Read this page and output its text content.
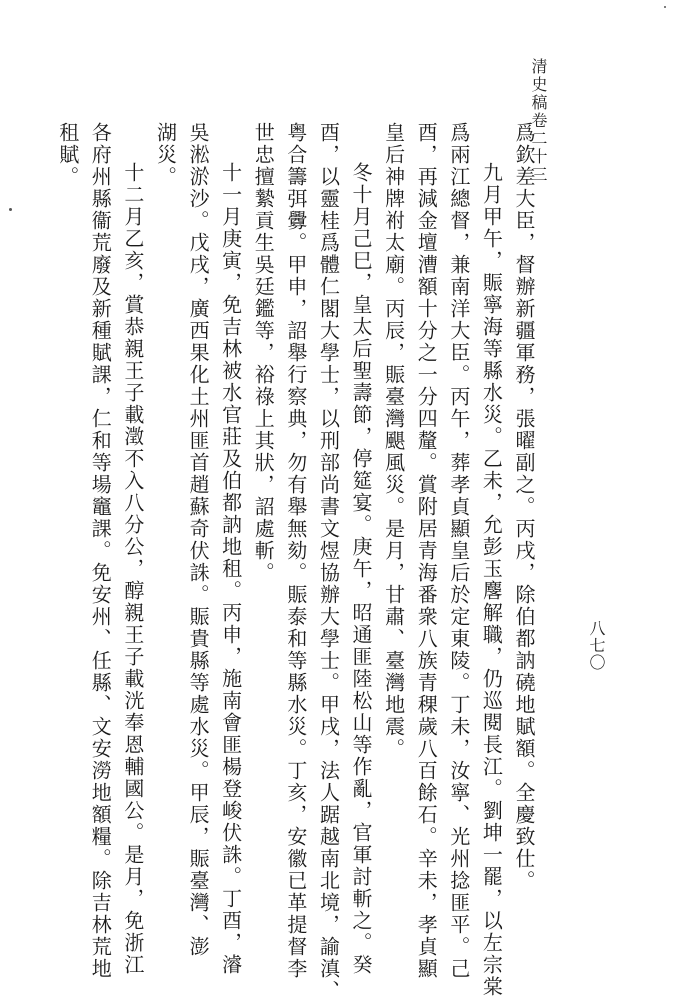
清史稿卷二十三
八七〇
爲欽差大臣，督辦新疆軍務，張曜副之。丙戌，除伯都訥磽地賦額。全慶致仕。
九月甲午，賑寧海等縣水災。乙未，允彭玉麐解職，仍巡閱長江。劉坤一罷，以左宗棠
爲兩江總督，兼南洋大臣。丙午，葬孝貞顯皇后於定東陵。丁未，汝寧、光州捻匪平。己
酉，再減金壇漕額十分之一分四釐。賞附居青海番衆八族青稞歲八百餘石。辛未，孝貞顯
皇后神牌祔太廟。丙辰，賑臺灣颶風災。是月，甘肅、臺灣地震。
冬十月己巳，皇太后聖壽節，停筵宴。庚午，昭通匪陸松山等作亂，官軍討斬之。癸
酉，以靈桂爲體仁閣大學士，以刑部尚書文煜協辦大學士。甲戌，法人踞越南北境，諭滇、
粤合籌弭釁。甲申，詔舉行察典，勿有舉無劾。賑泰和等縣水災。丁亥，安徽已革提督李
世忠擅縶貢生吳廷鑑等，裕祿上其狀，詔處斬。
十一月庚寅，免吉林被水官莊及伯都訥地租。丙申，施南會匪楊登峻伏誅。丁酉，濬
吳淞淤沙。戊戌，廣西果化土州匪首趙蘇奇伏誅。賑貴縣等處水災。甲辰，賑臺灣、澎
湖災。
十二月乙亥，賞恭親王子載澂不入八分公，醇親王子載洸奉恩輔國公。是月，免浙江
各府州縣衞荒廢及新種賦課，仁和等場竈課。免安州、任縣、文安澇地額糧。除吉林荒地
租賦。
